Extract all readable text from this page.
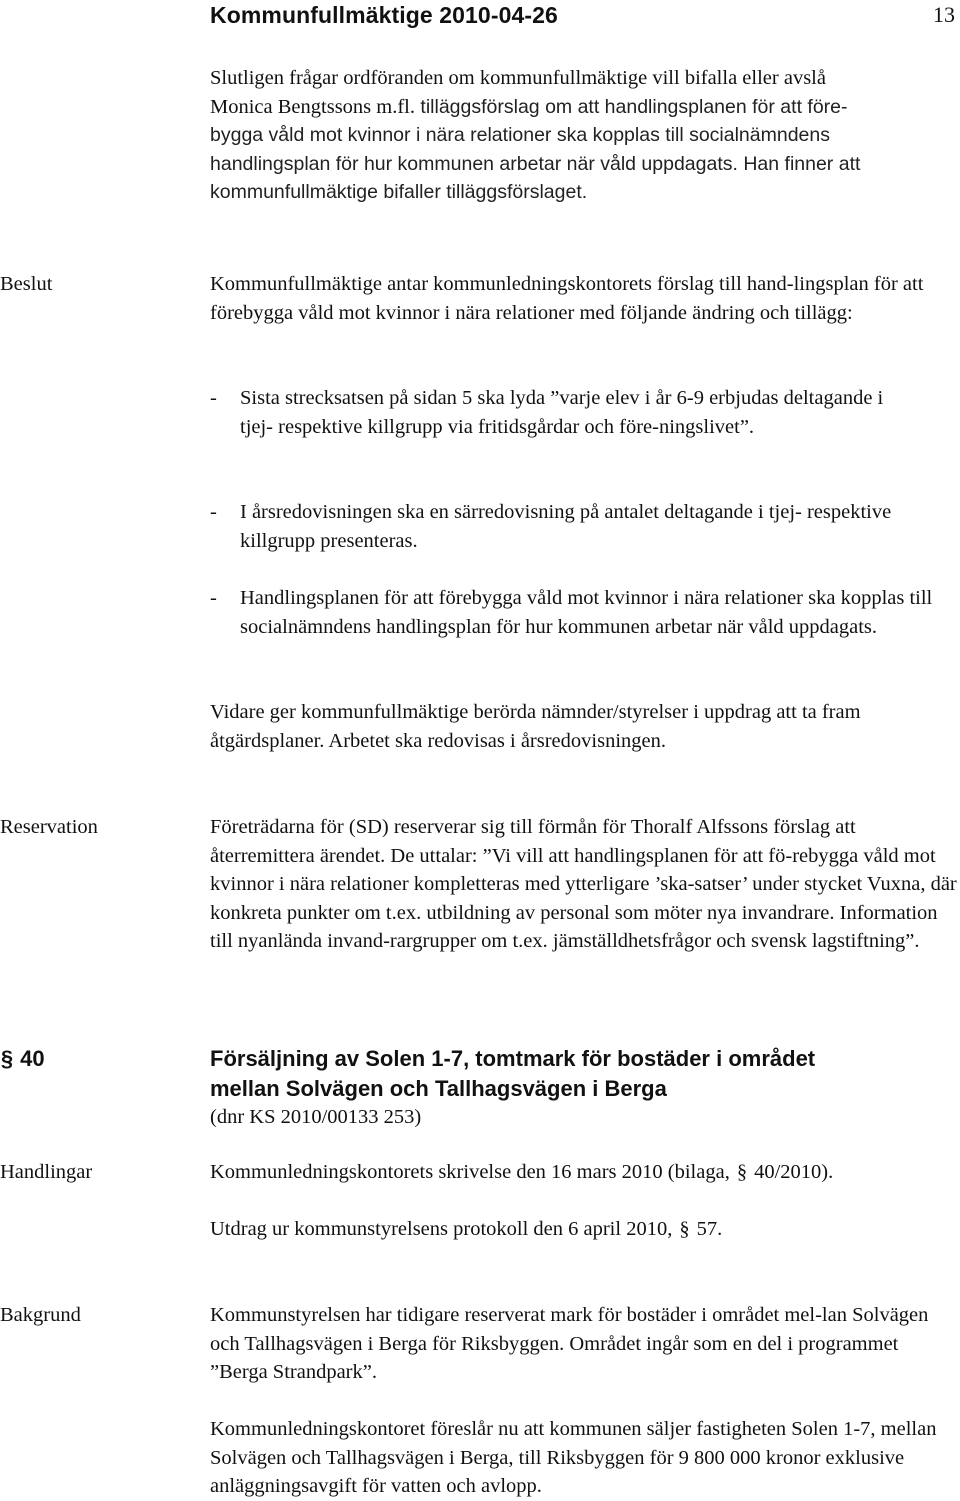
Kommunfullmäktige 2010-04-26	13

Slutligen frågar ordföranden om kommunfullmäktige vill bifalla eller avslå

Monica Bengtssons m.fl. tilläggsförslag om att handlingsplanen för att före-

bygga våld mot kvinnor i nära relationer ska kopplas till socialnämndens handlingsplan för hur kommunen arbetar när våld uppdagats. Han finner att kommunfullmäktige bifaller tilläggsförslaget.

Beslut	Kommunfullmäktige antar kommunledningskontorets förslag till hand-lingsplan för att förebygga våld mot kvinnor i nära relationer med följande ändring och tillägg:
- Sista strecksatsen på sidan 5 ska lyda ”varje elev i år 6-9 erbjudas deltagande i tjej- respektive killgrupp via fritidsgårdar och före-ningslivet”.
- I årsredovisningen ska en särredovisning på antalet deltagande i tjej- respektive killgrupp presenteras.
- Handlingsplanen för att förebygga våld mot kvinnor i nära relationer ska kopplas till socialnämndens handlingsplan för hur kommunen arbetar när våld uppdagats.
Vidare ger kommunfullmäktige berörda nämnder/styrelser i uppdrag att ta fram åtgärdsplaner. Arbetet ska redovisas i årsredovisningen.
Reservation	Företrädarna för (SD) reserverar sig till förmån för Thoralf Alfssons förslag att återremittera ärendet. De uttalar: ”Vi vill att handlingsplanen för att fö-rebygga våld mot kvinnor i nära relationer kompletteras med ytterligare ’ska-satser’ under stycket Vuxna, där konkreta punkter om t.ex. utbildning av personal som möter nya invandrare. Information till nyanlända invand-rargrupper om t.ex. jämställdhetsfrågor och svensk lagstiftning”.
§ 40	Försäljning av Solen 1-7, tomtmark för bostäder i området

mellan Solvägen och Tallhagsvägen i Berga

(dnr KS 2010/00133 253)
Handlingar	Kommunledningskontorets skrivelse den 16 mars 2010 (bilaga, § 40/2010).
Utdrag ur kommunstyrelsens protokoll den 6 april 2010, § 57.
Bakgrund	Kommunstyrelsen har tidigare reserverat mark för bostäder i området mel-lan Solvägen och Tallhagsvägen i Berga för Riksbyggen. Området ingår som en del i programmet ”Berga Strandpark”.
Kommunledningskontoret föreslår nu att kommunen säljer fastigheten Solen 1-7, mellan Solvägen och Tallhagsvägen i Berga, till Riksbyggen för 9 800 000 kronor exklusive anläggningsavgift för vatten och avlopp.
